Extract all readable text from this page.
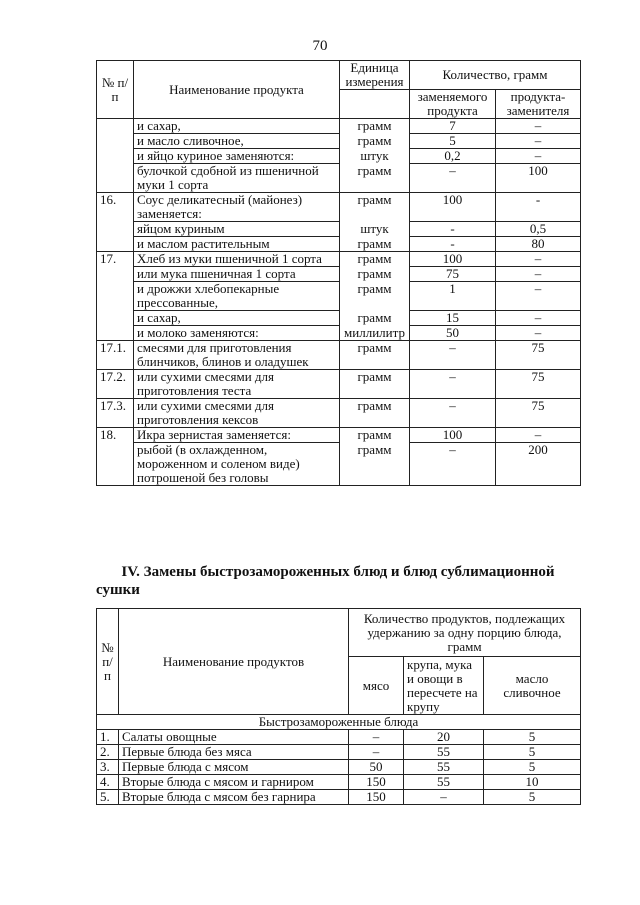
70
№ п/п	Наименование продукта	Единица измерения	Количество, грамм	
			заменяемого продукта	продукта-заменителя
	и сахар,	грамм	7	–
	и масло сливочное,	грамм	5	–
	и яйцо куриное заменяются:	штук	0,2	–
	булочкой сдобной из пшеничной муки 1 сорта	грамм	–	100
16.	Соус деликатесный (майонез) заменяется:	грамм	100	-
	яйцом куриным	штук	-	0,5
	и маслом растительным	грамм	-	80
17.	Хлеб из муки пшеничной 1 сорта	грамм	100	–
	или мука пшеничная 1 сорта	грамм	75	–
	и дрожжи хлебопекарные прессованные,	грамм	1	–
	и сахар,	грамм	15	–
	и молоко заменяются:	миллилитр	50	–
17.1.	смесями для приготовления блинчиков, блинов и оладушек	грамм	–	75
17.2.	или сухими смесями для приготовления теста	грамм	–	75
17.3.	или сухими смесями для приготовления кексов	грамм	–	75
18.	Икра зернистая заменяется:	грамм	100	–
	рыбой (в охлажденном, мороженном и соленом виде) потрошеной без головы	грамм	–	200
IV. Замены быстрозамороженных блюд и блюд сублимационной
сушки
№ п/п	Наименование продуктов	Количество продуктов, подлежащих удержанию за одну порцию блюда, грамм		
		мясо	крупа, мука и овощи в пересчете на крупу	масло сливочное
Быстрозамороженные блюда				
1.	Салаты овощные	–	20	5
2.	Первые блюда без мяса	–	55	5
3.	Первые блюда с мясом	50	55	5
4.	Вторые блюда с мясом и гарниром	150	55	10
5.	Вторые блюда с мясом без гарнира	150	–	5
